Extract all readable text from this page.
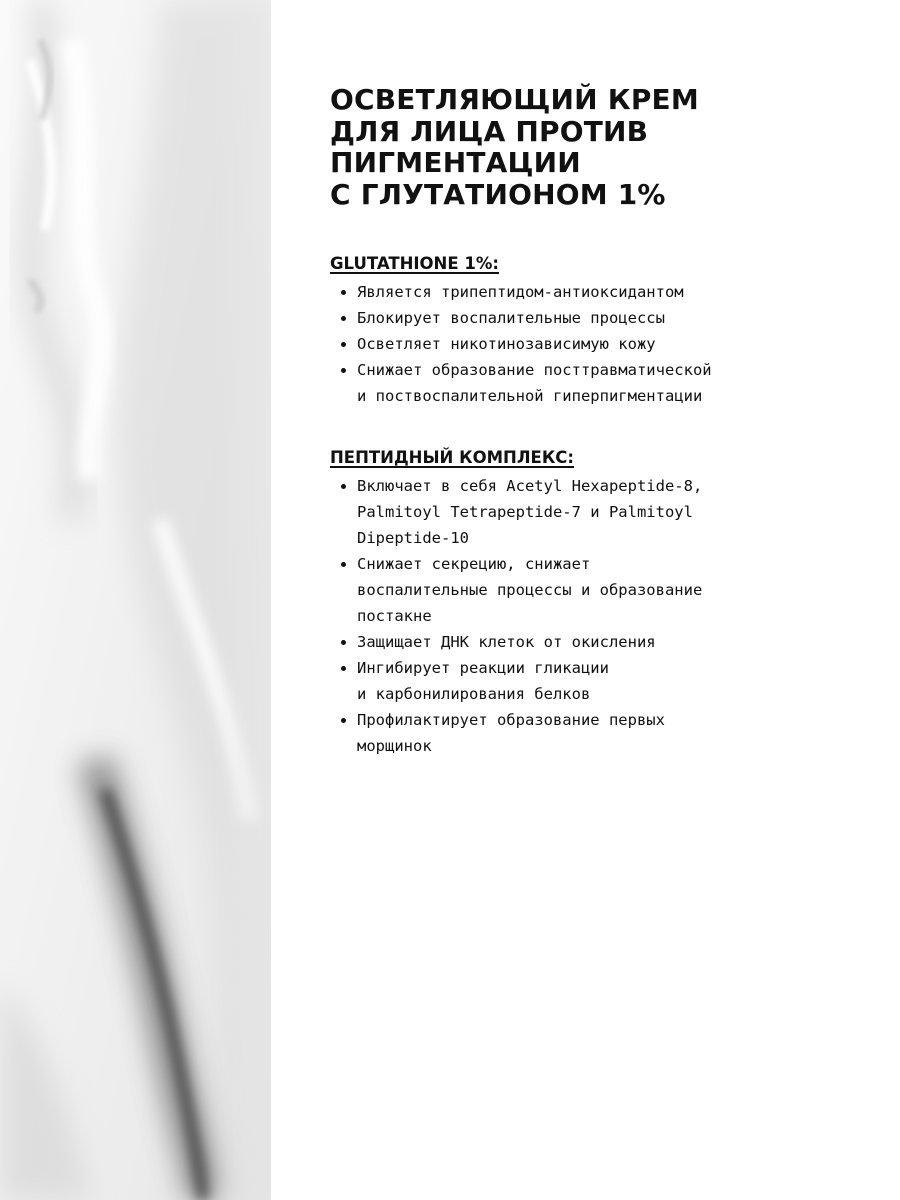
ОСВЕТЛЯЮЩИЙ КРЕМ
ДЛЯ ЛИЦА ПРОТИВ
ПИГМЕНТАЦИИ
С ГЛУТАТИОНОМ 1%
GLUTATHIONE 1%:
Является трипептидом-антиоксидантом
Блокирует воспалительные процессы
Осветляет никотинозависимую кожу
Снижает образование посттравматической
и поствоспалительной гиперпигментации
ПЕПТИДНЫЙ КОМПЛЕКС:
Включает в себя Acetyl Hexapeptide-8,
Palmitoyl Tetrapeptide-7 и Palmitoyl
Dipeptide-10
Снижает секрецию, снижает
воспалительные процессы и образование
постакне
Защищает ДНК клеток от окисления
Ингибирует реакции гликации
и карбонилирования белков
Профилактирует образование первых
морщинок
